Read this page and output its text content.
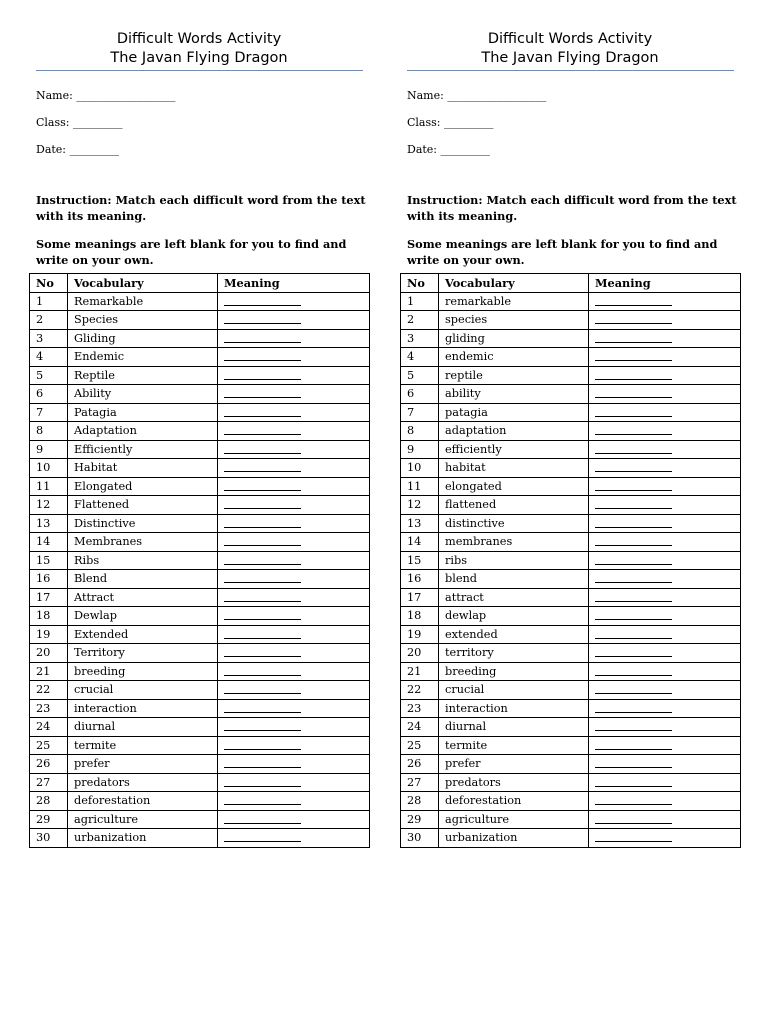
Difficult Words Activity
The Javan Flying Dragon
Name: __________________
Class: _________
Date: _________
Instruction: Match each difficult word from the text with its meaning.
Some meanings are left blank for you to find and write on your own.
No	Vocabulary	Meaning
1	Remarkable	
2	Species	
3	Gliding	
4	Endemic	
5	Reptile	
6	Ability	
7	Patagia	
8	Adaptation	
9	Efficiently	
10	Habitat	
11	Elongated	
12	Flattened	
13	Distinctive	
14	Membranes	
15	Ribs	
16	Blend	
17	Attract	
18	Dewlap	
19	Extended	
20	Territory	
21	breeding	
22	crucial	
23	interaction	
24	diurnal	
25	termite	
26	prefer	
27	predators	
28	deforestation	
29	agriculture	
30	urbanization	
Difficult Words Activity
The Javan Flying Dragon
Name: __________________
Class: _________
Date: _________
Instruction: Match each difficult word from the text with its meaning.
Some meanings are left blank for you to find and write on your own.
No	Vocabulary	Meaning
1	remarkable	
2	species	
3	gliding	
4	endemic	
5	reptile	
6	ability	
7	patagia	
8	adaptation	
9	efficiently	
10	habitat	
11	elongated	
12	flattened	
13	distinctive	
14	membranes	
15	ribs	
16	blend	
17	attract	
18	dewlap	
19	extended	
20	territory	
21	breeding	
22	crucial	
23	interaction	
24	diurnal	
25	termite	
26	prefer	
27	predators	
28	deforestation	
29	agriculture	
30	urbanization	
